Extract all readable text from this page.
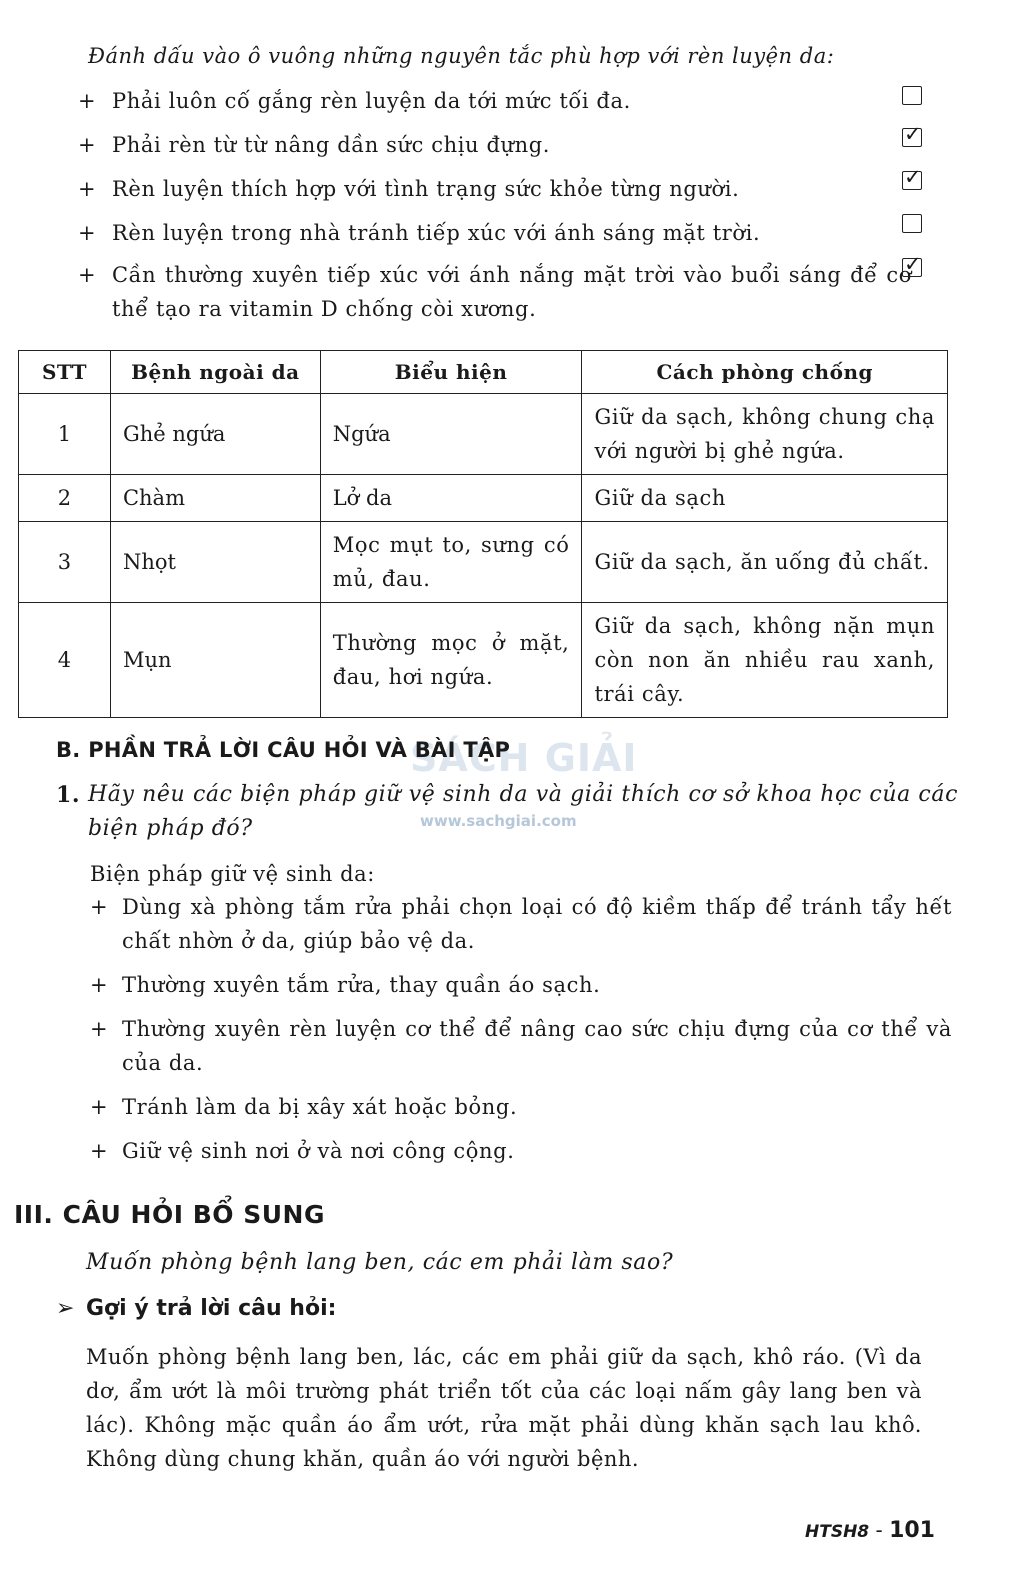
Đánh dấu vào ô vuông những nguyên tắc phù hợp với rèn luyện da:
+ Phải luôn cố gắng rèn luyện da tới mức tối đa.
+ Phải rèn từ từ nâng dần sức chịu đựng.	✓
+ Rèn luyện thích hợp với tình trạng sức khỏe từng người.	✓
+ Rèn luyện trong nhà tránh tiếp xúc với ánh sáng mặt trời.
+ Cần thường xuyên tiếp xúc với ánh nắng mặt trời vào buổi sáng để cơ thể tạo ra vitamin D chống còi xương.
✓
STT	Bệnh ngoài da	Biểu hiện	Cách phòng chống
1	Ghẻ ngứa	Ngứa	Giữ da sạch, không chung chạ với người bị ghẻ ngứa.
2	Chàm	Lở da	Giữ da sạch
3	Nhọt	Mọc mụt to, sưng có mủ, đau.	Giữ da sạch, ăn uống đủ chất.
4	Mụn	Thường mọc ở mặt, đau, hơi ngứa.	Giữ da sạch, không nặn mụn còn non ăn nhiều rau xanh, trái cây.
SÁCH GIẢI
www.sachgiai.com
B. PHẦN TRẢ LỜI CÂU HỎI VÀ BÀI TẬP
1. Hãy nêu các biện pháp giữ vệ sinh da và giải thích cơ sở khoa học của các biện pháp đó?
Biện pháp giữ vệ sinh da:
+ Dùng xà phòng tắm rửa phải chọn loại có độ kiềm thấp để tránh tẩy hết chất nhờn ở da, giúp bảo vệ da.
+ Thường xuyên tắm rửa, thay quần áo sạch.
+ Thường xuyên rèn luyện cơ thể để nâng cao sức chịu đựng của cơ thể và của da.
+ Tránh làm da bị xây xát hoặc bỏng.
+ Giữ vệ sinh nơi ở và nơi công cộng.
III. CÂU HỎI BỔ SUNG
Muốn phòng bệnh lang ben, các em phải làm sao?
➢ Gợi ý trả lời câu hỏi:
Muốn phòng bệnh lang ben, lác, các em phải giữ da sạch, khô ráo. (Vì da dơ, ẩm ướt là môi trường phát triển tốt của các loại nấm gây lang ben và lác). Không mặc quần áo ẩm ướt, rửa mặt phải dùng khăn sạch lau khô. Không dùng chung khăn, quần áo với người bệnh.
HTSH8 - 101
